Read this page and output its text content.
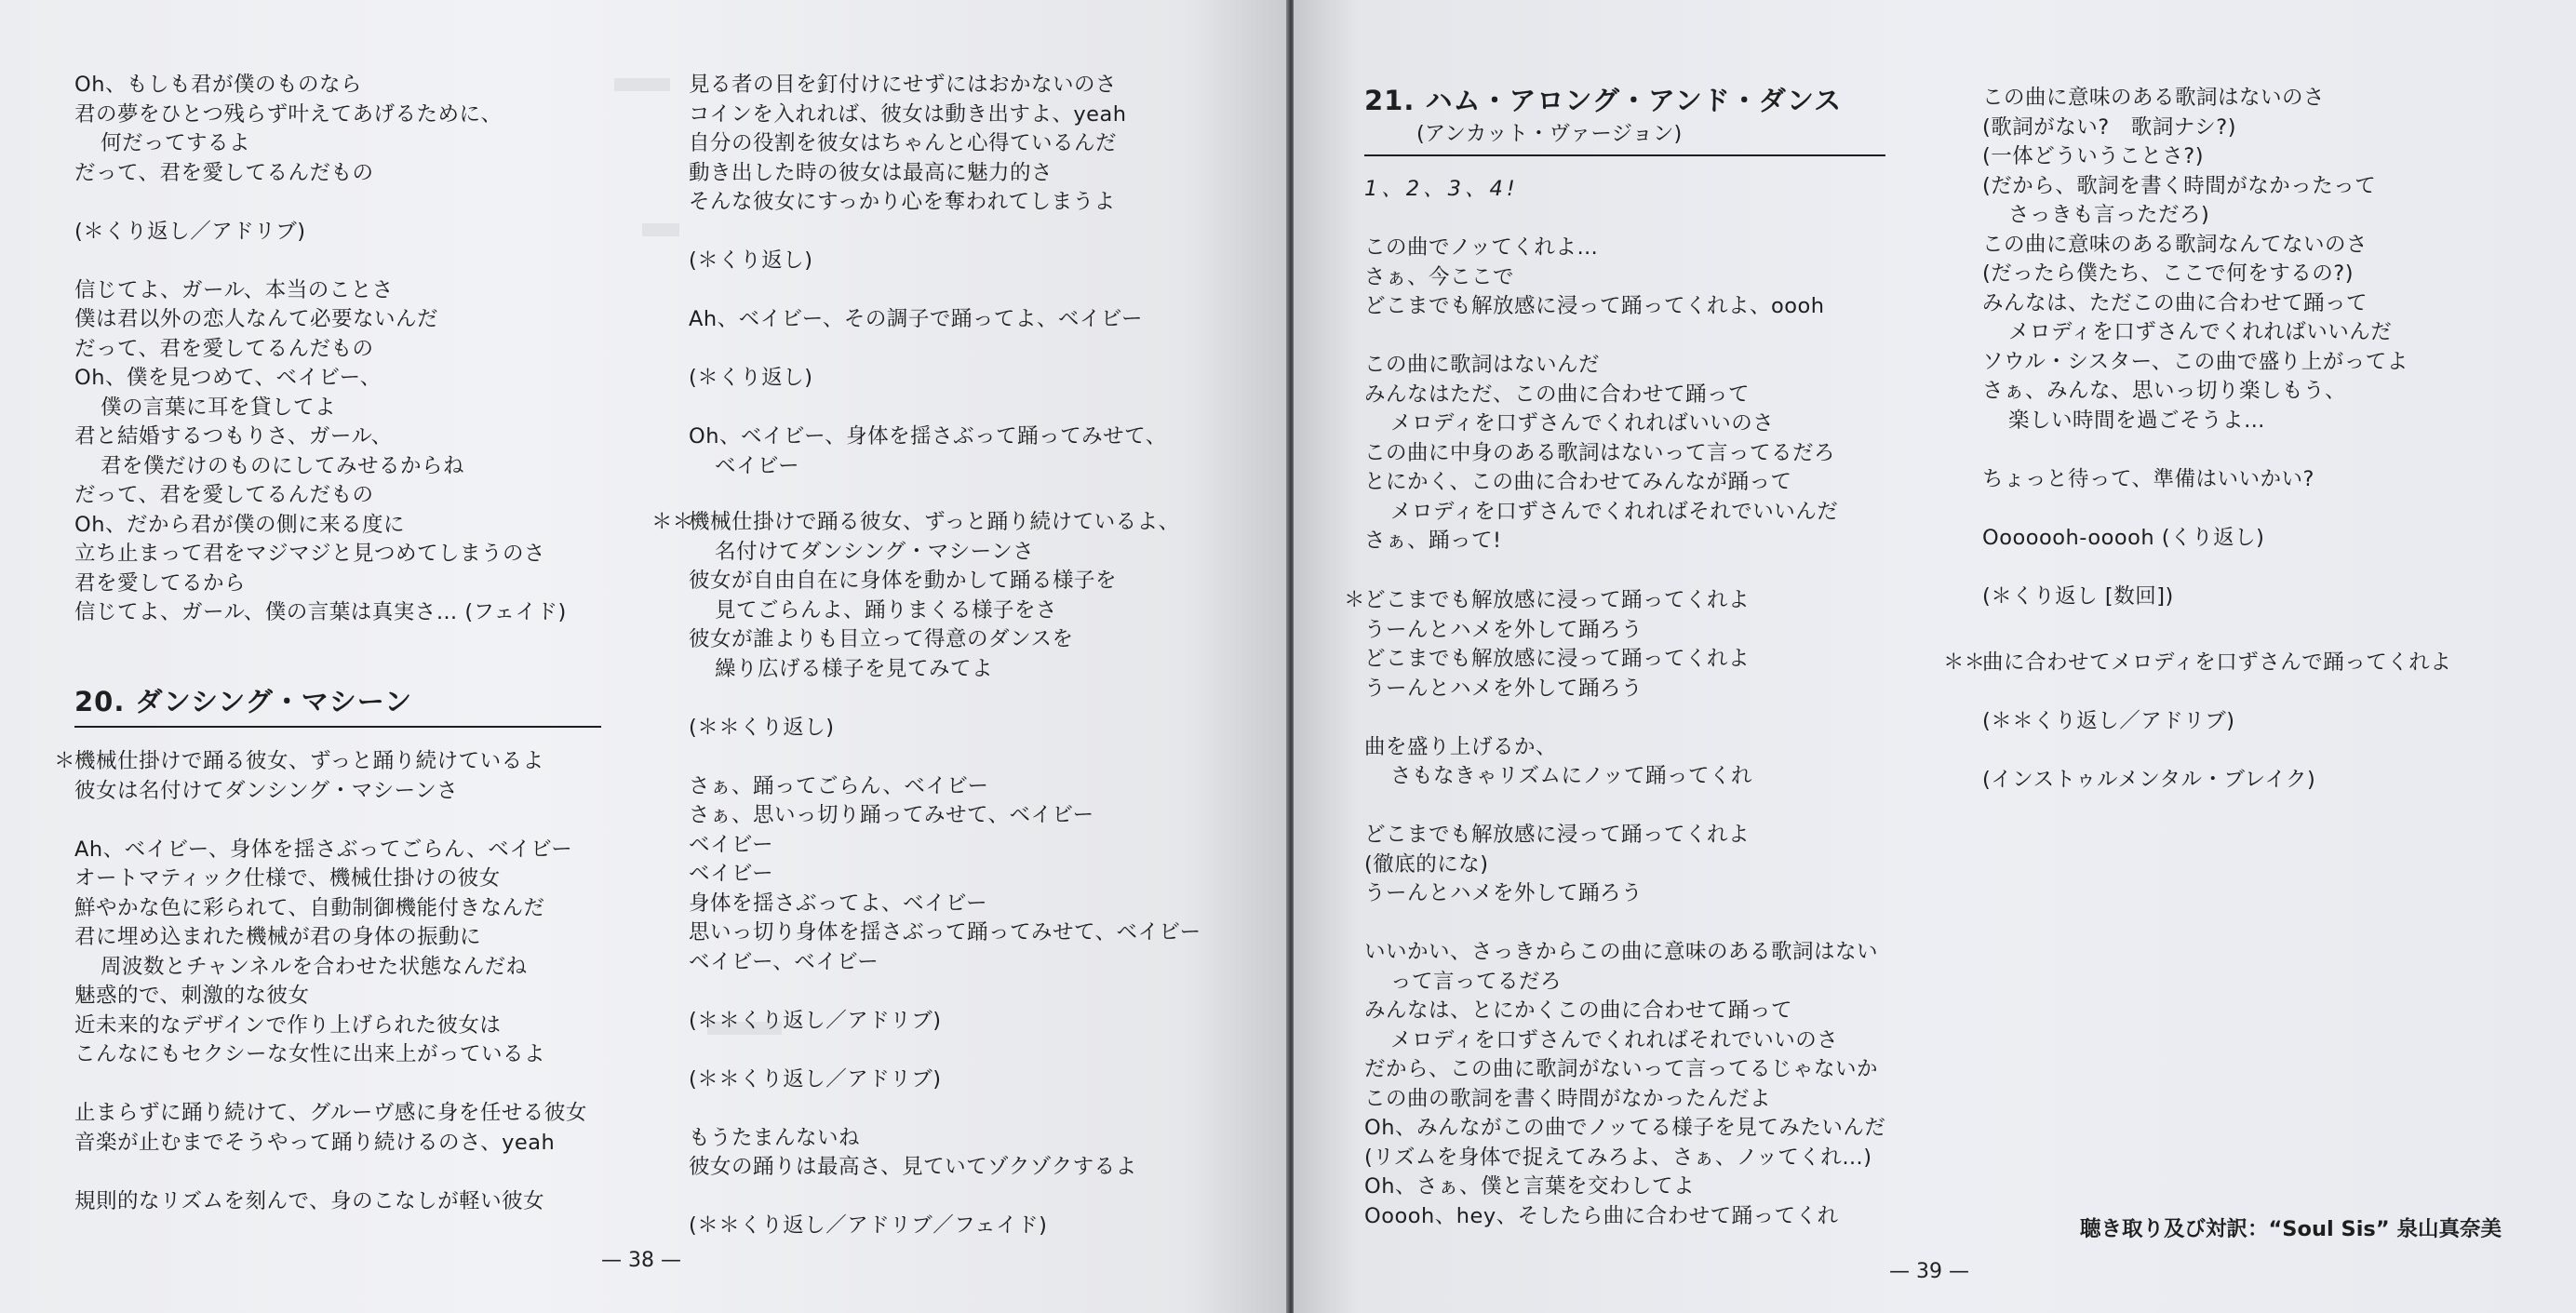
Oh、もしも君が僕のものなら
君の夢をひとつ残らず叶えてあげるために、
何だってするよ
だって、君を愛してるんだもの
(＊くり返し／アドリブ)
信じてよ、ガール、本当のことさ
僕は君以外の恋人なんて必要ないんだ
だって、君を愛してるんだもの
Oh、僕を見つめて、ベイビー、
僕の言葉に耳を貸してよ
君と結婚するつもりさ、ガール、
君を僕だけのものにしてみせるからね
だって、君を愛してるんだもの
Oh、だから君が僕の側に来る度に
立ち止まって君をマジマジと見つめてしまうのさ
君を愛してるから
信じてよ、ガール、僕の言葉は真実さ… (フェイド)
20. ダンシング・マシーン
＊ 機械仕掛けで踊る彼女、ずっと踊り続けているよ
彼女は名付けてダンシング・マシーンさ
Ah、ベイビー、身体を揺さぶってごらん、ベイビー
オートマティック仕様で、機械仕掛けの彼女
鮮やかな色に彩られて、自動制御機能付きなんだ
君に埋め込まれた機械が君の身体の振動に
周波数とチャンネルを合わせた状態なんだね
魅惑的で、刺激的な彼女
近未来的なデザインで作り上げられた彼女は
こんなにもセクシーな女性に出来上がっているよ
止まらずに踊り続けて、グルーヴ感に身を任せる彼女
音楽が止むまでそうやって踊り続けるのさ、yeah
規則的なリズムを刻んで、身のこなしが軽い彼女
見る者の目を釘付けにせずにはおかないのさ
コインを入れれば、彼女は動き出すよ、yeah
自分の役割を彼女はちゃんと心得ているんだ
動き出した時の彼女は最高に魅力的さ
そんな彼女にすっかり心を奪われてしまうよ
(＊くり返し)
Ah、ベイビー、その調子で踊ってよ、ベイビー
(＊くり返し)
Oh、ベイビー、身体を揺さぶって踊ってみせて、
ベイビー
＊＊
機械仕掛けで踊る彼女、ずっと踊り続けているよ、
名付けてダンシング・マシーンさ
彼女が自由自在に身体を動かして踊る様子を
見てごらんよ、踊りまくる様子をさ
彼女が誰よりも目立って得意のダンスを
繰り広げる様子を見てみてよ
(＊＊くり返し)
さぁ、踊ってごらん、ベイビー
さぁ、思いっ切り踊ってみせて、ベイビー
ベイビー
ベイビー
身体を揺さぶってよ、ベイビー
思いっ切り身体を揺さぶって踊ってみせて、ベイビー
ベイビー、ベイビー
(＊＊くり返し／アドリブ)
(＊＊くり返し／アドリブ)
もうたまんないね
彼女の踊りは最高さ、見ていてゾクゾクするよ
(＊＊くり返し／アドリブ／フェイド)
— 38 —
21. ハム・アロング・アンド・ダンス
(アンカット・ヴァージョン)
1、2、3、4!
この曲でノッてくれよ…
さぁ、今ここで
どこまでも解放感に浸って踊ってくれよ、oooh
この曲に歌詞はないんだ
みんなはただ、この曲に合わせて踊って
メロディを口ずさんでくれればいいのさ
この曲に中身のある歌詞はないって言ってるだろ
とにかく、この曲に合わせてみんなが踊って
メロディを口ずさんでくれればそれでいいんだ
さぁ、踊って!
＊ どこまでも解放感に浸って踊ってくれよ
うーんとハメを外して踊ろう
どこまでも解放感に浸って踊ってくれよ
うーんとハメを外して踊ろう
曲を盛り上げるか、
さもなきゃリズムにノッて踊ってくれ
どこまでも解放感に浸って踊ってくれよ
(徹底的にな)
うーんとハメを外して踊ろう
いいかい、さっきからこの曲に意味のある歌詞はない
って言ってるだろ
みんなは、とにかくこの曲に合わせて踊って
メロディを口ずさんでくれればそれでいいのさ
だから、この曲に歌詞がないって言ってるじゃないか
この曲の歌詞を書く時間がなかったんだよ
Oh、みんながこの曲でノッてる様子を見てみたいんだ
(リズムを身体で捉えてみろよ、さぁ、ノッてくれ…)
Oh、さぁ、僕と言葉を交わしてよ
Ooooh、hey、そしたら曲に合わせて踊ってくれ
この曲に意味のある歌詞はないのさ
(歌詞がない?　歌詞ナシ?)
(一体どういうことさ?)
(だから、歌詞を書く時間がなかったって
さっきも言っただろ)
この曲に意味のある歌詞なんてないのさ
(だったら僕たち、ここで何をするの?)
みんなは、ただこの曲に合わせて踊って
メロディを口ずさんでくれればいいんだ
ソウル・シスター、この曲で盛り上がってよ
さぁ、みんな、思いっ切り楽しもう、
楽しい時間を過ごそうよ…
ちょっと待って、準備はいいかい?
Ooooooh-ooooh (くり返し)
(＊くり返し [数回])
＊＊
曲に合わせてメロディを口ずさんで踊ってくれよ
(＊＊くり返し／アドリブ)
(インストゥルメンタル・ブレイク)
聴き取り及び対訳：“Soul Sis” 泉山真奈美
— 39 —
